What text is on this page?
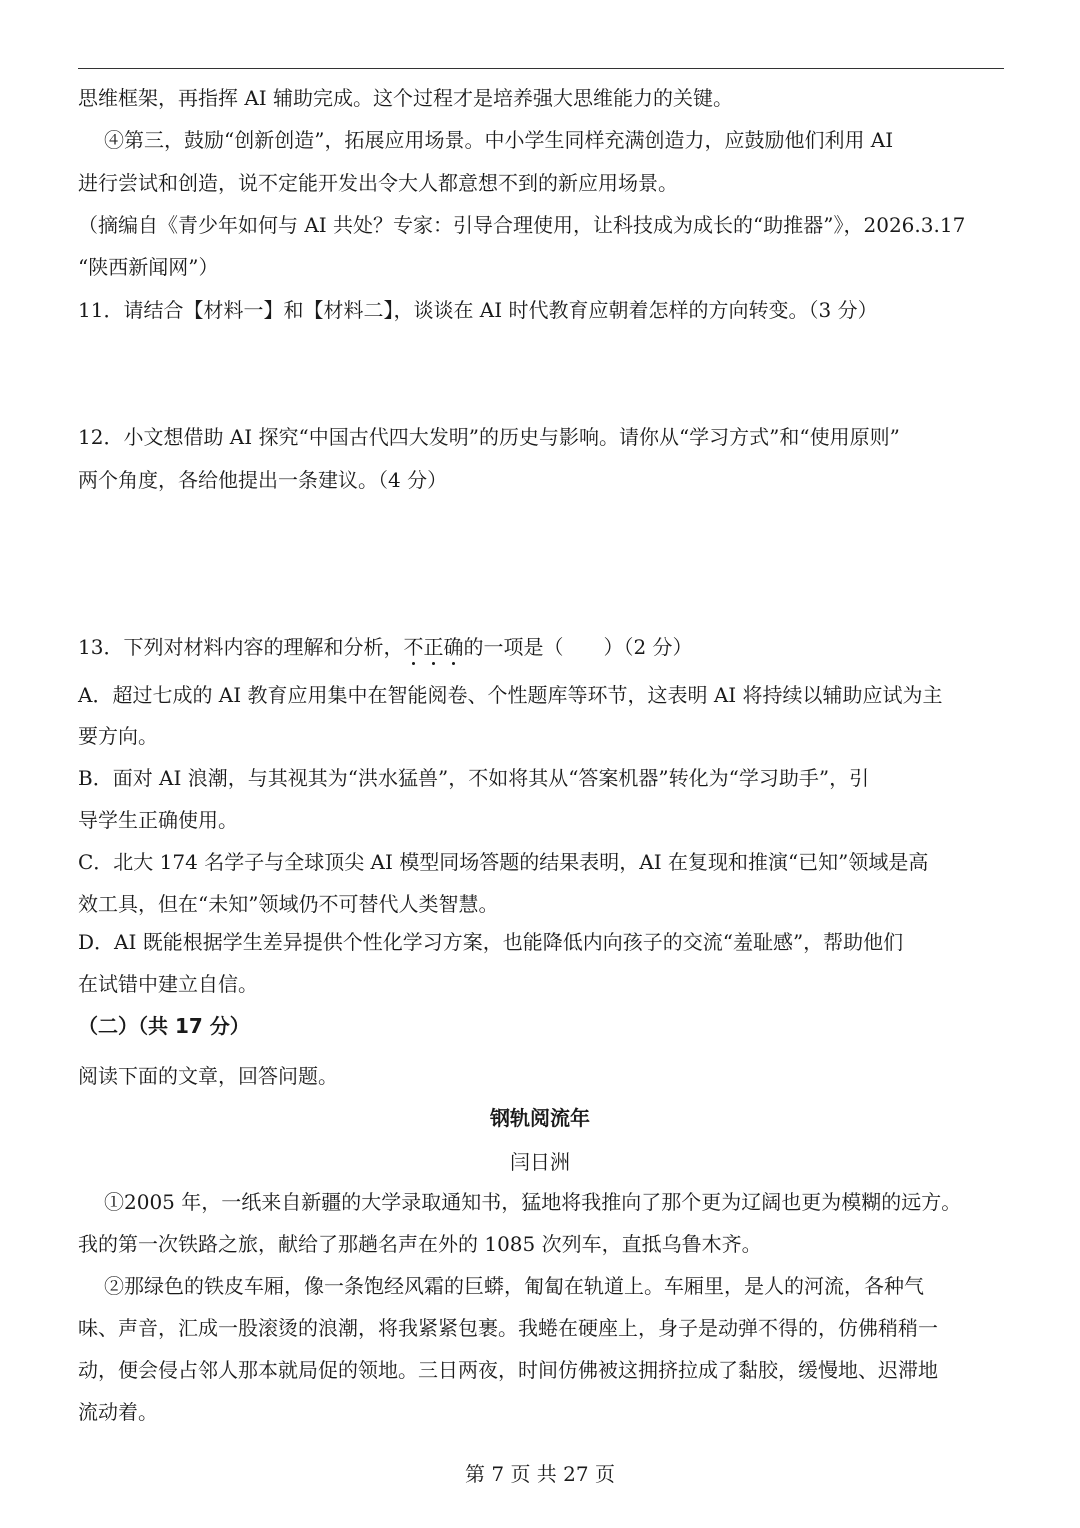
思维框架，再指挥 AI 辅助完成。这个过程才是培养强大思维能力的关键。
④第三，鼓励“创新创造”，拓展应用场景。中小学生同样充满创造力，应鼓励他们利用 AI
进行尝试和创造，说不定能开发出令大人都意想不到的新应用场景。
（摘编自《青少年如何与 AI 共处？专家：引导合理使用，让科技成为成长的“助推器”》，2026.3.17
“陕西新闻网”）
11．请结合【材料一】和【材料二】，谈谈在 AI 时代教育应朝着怎样的方向转变。（3 分）
12．小文想借助 AI 探究“中国古代四大发明”的历史与影响。请你从“学习方式”和“使用原则”
两个角度，各给他提出一条建议。（4 分）
13．下列对材料内容的理解和分析，不正确的一项是（　　）（2 分）
A．超过七成的 AI 教育应用集中在智能阅卷、个性题库等环节，这表明 AI 将持续以辅助应试为主
要方向。
B．面对 AI 浪潮，与其视其为“洪水猛兽”，不如将其从“答案机器”转化为“学习助手”，引
导学生正确使用。
C．北大 174 名学子与全球顶尖 AI 模型同场答题的结果表明，AI 在复现和推演“已知”领域是高
效工具，但在“未知”领域仍不可替代人类智慧。
D．AI 既能根据学生差异提供个性化学习方案，也能降低内向孩子的交流“羞耻感”，帮助他们
在试错中建立自信。
（二）（共 17 分）
阅读下面的文章，回答问题。
钢轨阅流年
闫日洲
①2005 年，一纸来自新疆的大学录取通知书，猛地将我推向了那个更为辽阔也更为模糊的远方。
我的第一次铁路之旅，献给了那趟名声在外的 1085 次列车，直抵乌鲁木齐。
②那绿色的铁皮车厢，像一条饱经风霜的巨蟒，匍匐在轨道上。车厢里，是人的河流，各种气
味、声音，汇成一股滚烫的浪潮，将我紧紧包裹。我蜷在硬座上，身子是动弹不得的，仿佛稍稍一
动，便会侵占邻人那本就局促的领地。三日两夜，时间仿佛被这拥挤拉成了黏胶，缓慢地、迟滞地
流动着。
第 7 页 共 27 页
